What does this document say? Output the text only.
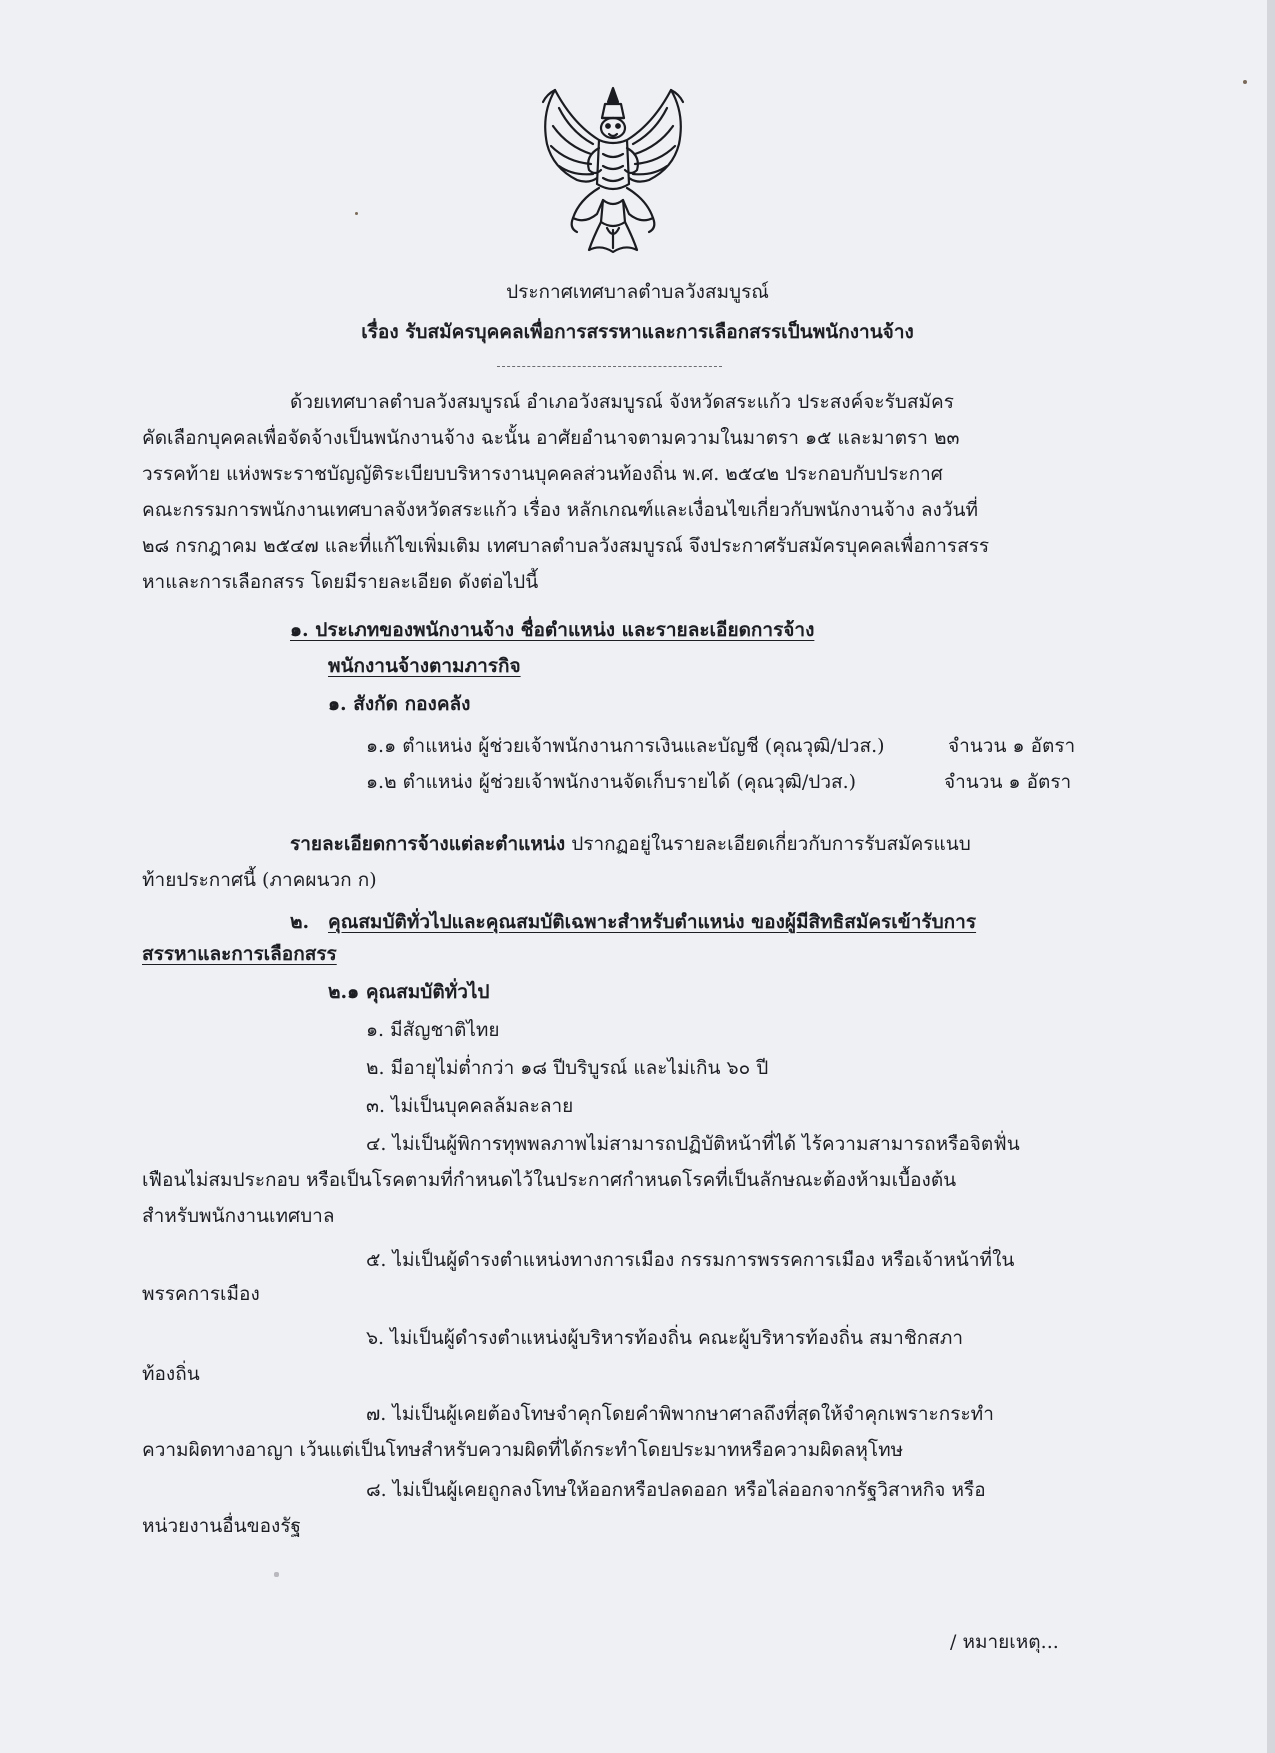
ประกาศเทศบาลตำบลวังสมบูรณ์
เรื่อง รับสมัครบุคคลเพื่อการสรรหาและการเลือกสรรเป็นพนักงานจ้าง
ด้วยเทศบาลตำบลวังสมบูรณ์ อำเภอวังสมบูรณ์ จังหวัดสระแก้ว ประสงค์จะรับสมัคร
คัดเลือกบุคคลเพื่อจัดจ้างเป็นพนักงานจ้าง ฉะนั้น อาศัยอำนาจตามความในมาตรา ๑๕ และมาตรา ๒๓
วรรคท้าย แห่งพระราชบัญญัติระเบียบบริหารงานบุคคลส่วนท้องถิ่น พ.ศ. ๒๕๔๒ ประกอบกับประกาศ
คณะกรรมการพนักงานเทศบาลจังหวัดสระแก้ว เรื่อง หลักเกณฑ์และเงื่อนไขเกี่ยวกับพนักงานจ้าง ลงวันที่
๒๘ กรกฎาคม ๒๕๔๗ และที่แก้ไขเพิ่มเติม เทศบาลตำบลวังสมบูรณ์ จึงประกาศรับสมัครบุคคลเพื่อการสรร
หาและการเลือกสรร โดยมีรายละเอียด ดังต่อไปนี้
๑. ประเภทของพนักงานจ้าง ชื่อตำแหน่ง และรายละเอียดการจ้าง
พนักงานจ้างตามภารกิจ
๑. สังกัด กองคลัง
๑.๑ ตำแหน่ง ผู้ช่วยเจ้าพนักงานการเงินและบัญชี (คุณวุฒิ/ปวส.)	จำนวน ๑ อัตรา
๑.๒ ตำแหน่ง ผู้ช่วยเจ้าพนักงานจัดเก็บรายได้ (คุณวุฒิ/ปวส.)	จำนวน ๑ อัตรา
รายละเอียดการจ้างแต่ละตำแหน่ง ปรากฏอยู่ในรายละเอียดเกี่ยวกับการรับสมัครแนบ
ท้ายประกาศนี้ (ภาคผนวก ก)
๒. คุณสมบัติทั่วไปและคุณสมบัติเฉพาะสำหรับตำแหน่ง ของผู้มีสิทธิสมัครเข้ารับการ
สรรหาและการเลือกสรร
๒.๑ คุณสมบัติทั่วไป
๑. มีสัญชาติไทย
๒. มีอายุไม่ต่ำกว่า ๑๘ ปีบริบูรณ์ และไม่เกิน ๖๐ ปี
๓. ไม่เป็นบุคคลล้มละลาย
๔. ไม่เป็นผู้พิการทุพพลภาพไม่สามารถปฏิบัติหน้าที่ได้ ไร้ความสามารถหรือจิตฟั่น
เฟือนไม่สมประกอบ หรือเป็นโรคตามที่กำหนดไว้ในประกาศกำหนดโรคที่เป็นลักษณะต้องห้ามเบื้องต้น
สำหรับพนักงานเทศบาล
๕. ไม่เป็นผู้ดำรงตำแหน่งทางการเมือง กรรมการพรรคการเมือง หรือเจ้าหน้าที่ใน
พรรคการเมือง
๖. ไม่เป็นผู้ดำรงตำแหน่งผู้บริหารท้องถิ่น คณะผู้บริหารท้องถิ่น สมาชิกสภา
ท้องถิ่น
๗. ไม่เป็นผู้เคยต้องโทษจำคุกโดยคำพิพากษาศาลถึงที่สุดให้จำคุกเพราะกระทำ
ความผิดทางอาญา เว้นแต่เป็นโทษสำหรับความผิดที่ได้กระทำโดยประมาทหรือความผิดลหุโทษ
๘. ไม่เป็นผู้เคยถูกลงโทษให้ออกหรือปลดออก หรือไล่ออกจากรัฐวิสาหกิจ หรือ
หน่วยงานอื่นของรัฐ
/ หมายเหตุ...
